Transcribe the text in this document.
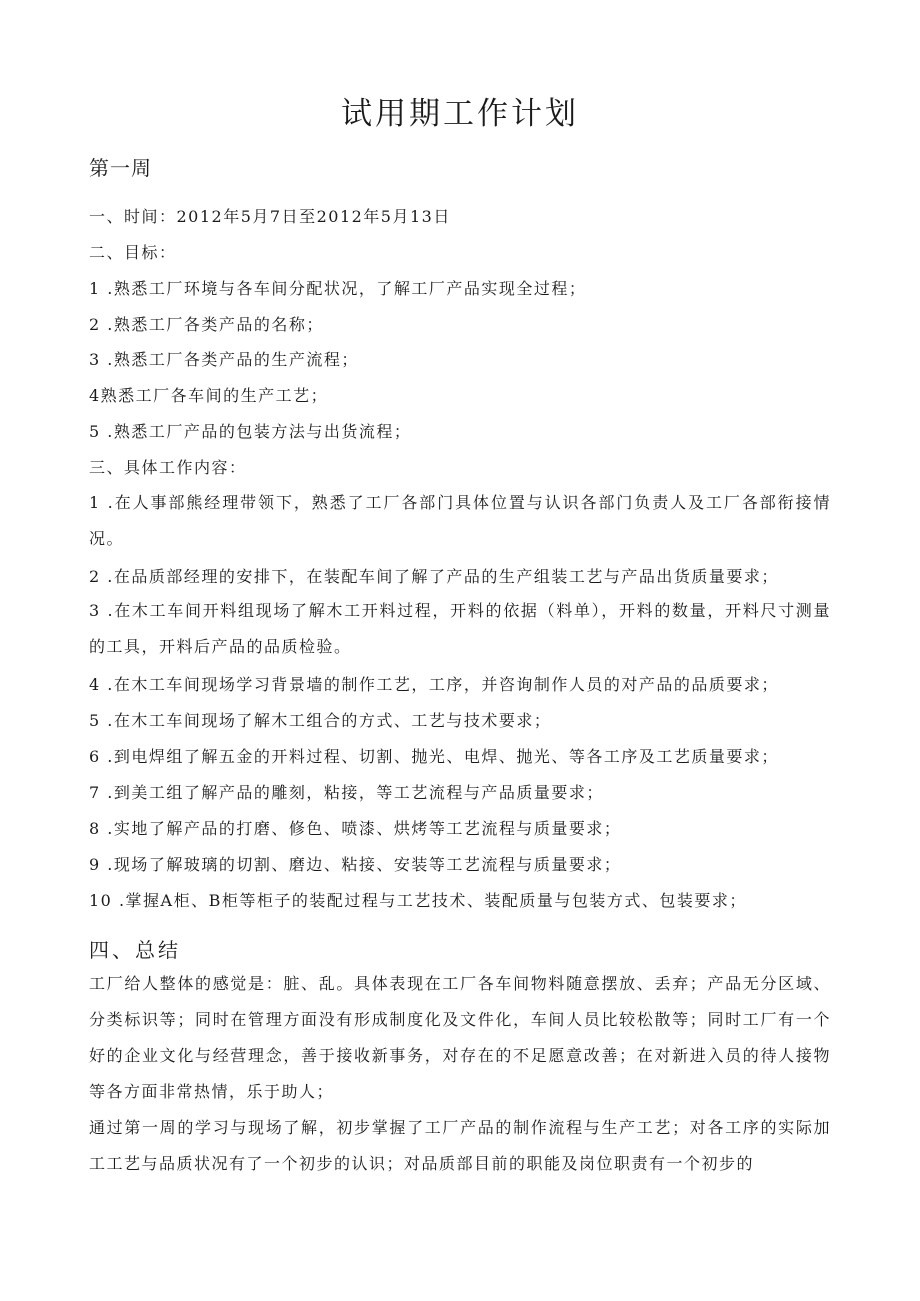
试用期工作计划
第一周
一、时间：2012年5月7日至2012年5月13日
二、目标：
1 .熟悉工厂环境与各车间分配状况，了解工厂产品实现全过程；
2 .熟悉工厂各类产品的名称；
3 .熟悉工厂各类产品的生产流程；
4熟悉工厂各车间的生产工艺；
5 .熟悉工厂产品的包装方法与出货流程；
三、具体工作内容：
1 .在人事部熊经理带领下，熟悉了工厂各部门具体位置与认识各部门负责人及工厂各部衔接情况。
2 .在品质部经理的安排下，在装配车间了解了产品的生产组装工艺与产品出货质量要求；
3 .在木工车间开料组现场了解木工开料过程，开料的依据（料单），开料的数量，开料尺寸测量的工具，开料后产品的品质检验。
4 .在木工车间现场学习背景墙的制作工艺，工序，并咨询制作人员的对产品的品质要求；
5 .在木工车间现场了解木工组合的方式、工艺与技术要求；
6 .到电焊组了解五金的开料过程、切割、抛光、电焊、抛光、等各工序及工艺质量要求；
7 .到美工组了解产品的雕刻，粘接，等工艺流程与产品质量要求；
8 .实地了解产品的打磨、修色、喷漆、烘烤等工艺流程与质量要求；
9 .现场了解玻璃的切割、磨边、粘接、安装等工艺流程与质量要求；
10 .掌握A柜、B柜等柜子的装配过程与工艺技术、装配质量与包装方式、包装要求；
四、总结
工厂给人整体的感觉是：脏、乱。具体表现在工厂各车间物料随意摆放、丢弃；产品无分区域、分类标识等；同时在管理方面没有形成制度化及文件化，车间人员比较松散等；同时工厂有一个好的企业文化与经营理念，善于接收新事务，对存在的不足愿意改善；在对新进入员的待人接物等各方面非常热情，乐于助人；
通过第一周的学习与现场了解，初步掌握了工厂产品的制作流程与生产工艺；对各工序的实际加工工艺与品质状况有了一个初步的认识；对品质部目前的职能及岗位职责有一个初步的
